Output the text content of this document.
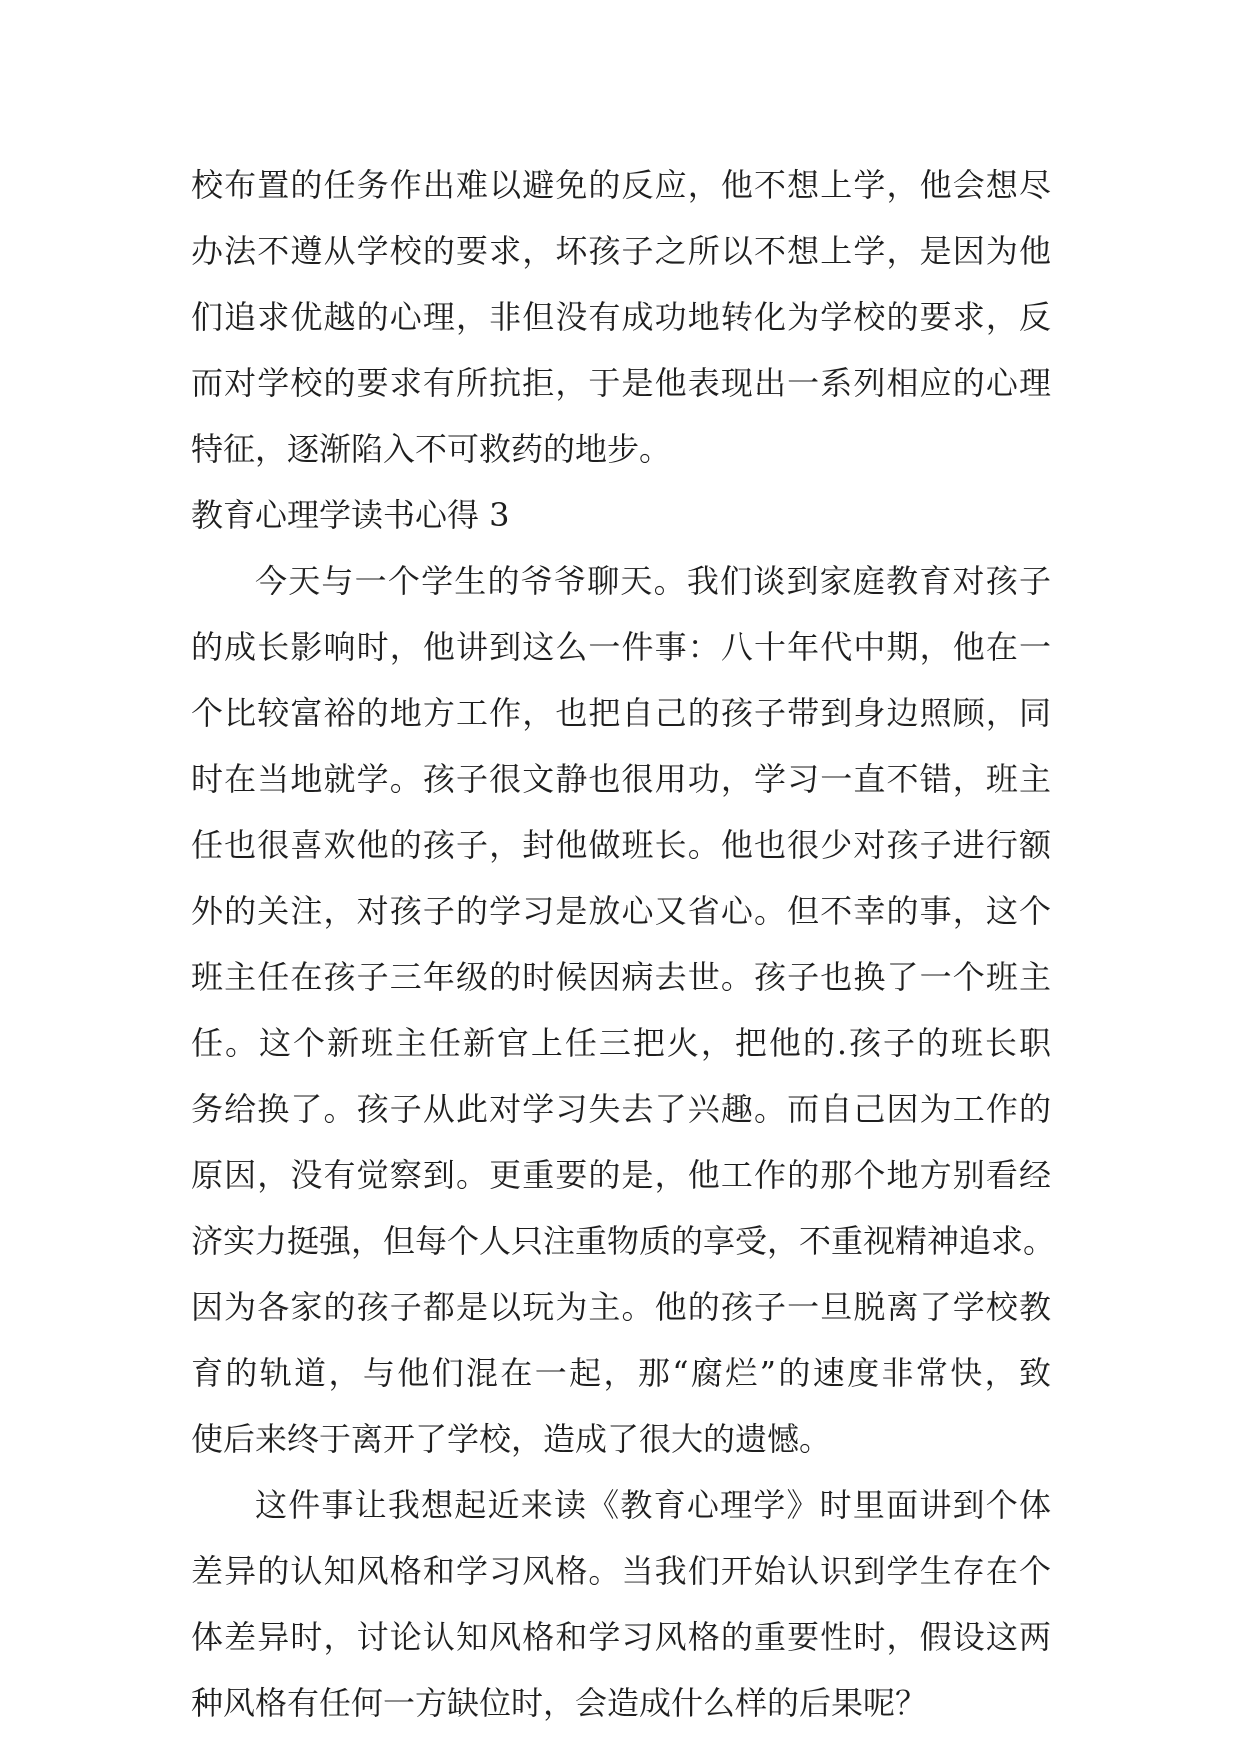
校布置的任务作出难以避免的反应，他不想上学，他会想尽
办法不遵从学校的要求，坏孩子之所以不想上学，是因为他
们追求优越的心理，非但没有成功地转化为学校的要求，反
而对学校的要求有所抗拒，于是他表现出一系列相应的心理
特征，逐渐陷入不可救药的地步。
教育心理学读书心得 3
今天与一个学生的爷爷聊天。我们谈到家庭教育对孩子
的成长影响时，他讲到这么一件事：八十年代中期，他在一
个比较富裕的地方工作，也把自己的孩子带到身边照顾，同
时在当地就学。孩子很文静也很用功，学习一直不错，班主
任也很喜欢他的孩子，封他做班长。他也很少对孩子进行额
外的关注，对孩子的学习是放心又省心。但不幸的事，这个
班主任在孩子三年级的时候因病去世。孩子也换了一个班主
任。这个新班主任新官上任三把火，把他的.孩子的班长职
务给换了。孩子从此对学习失去了兴趣。而自己因为工作的
原因，没有觉察到。更重要的是，他工作的那个地方别看经
济实力挺强，但每个人只注重物质的享受，不重视精神追求。
因为各家的孩子都是以玩为主。他的孩子一旦脱离了学校教
育的轨道，与他们混在一起，那“腐烂”的速度非常快，致
使后来终于离开了学校，造成了很大的遗憾。
这件事让我想起近来读《教育心理学》时里面讲到个体
差异的认知风格和学习风格。当我们开始认识到学生存在个
体差异时，讨论认知风格和学习风格的重要性时，假设这两
种风格有任何一方缺位时，会造成什么样的后果呢？
